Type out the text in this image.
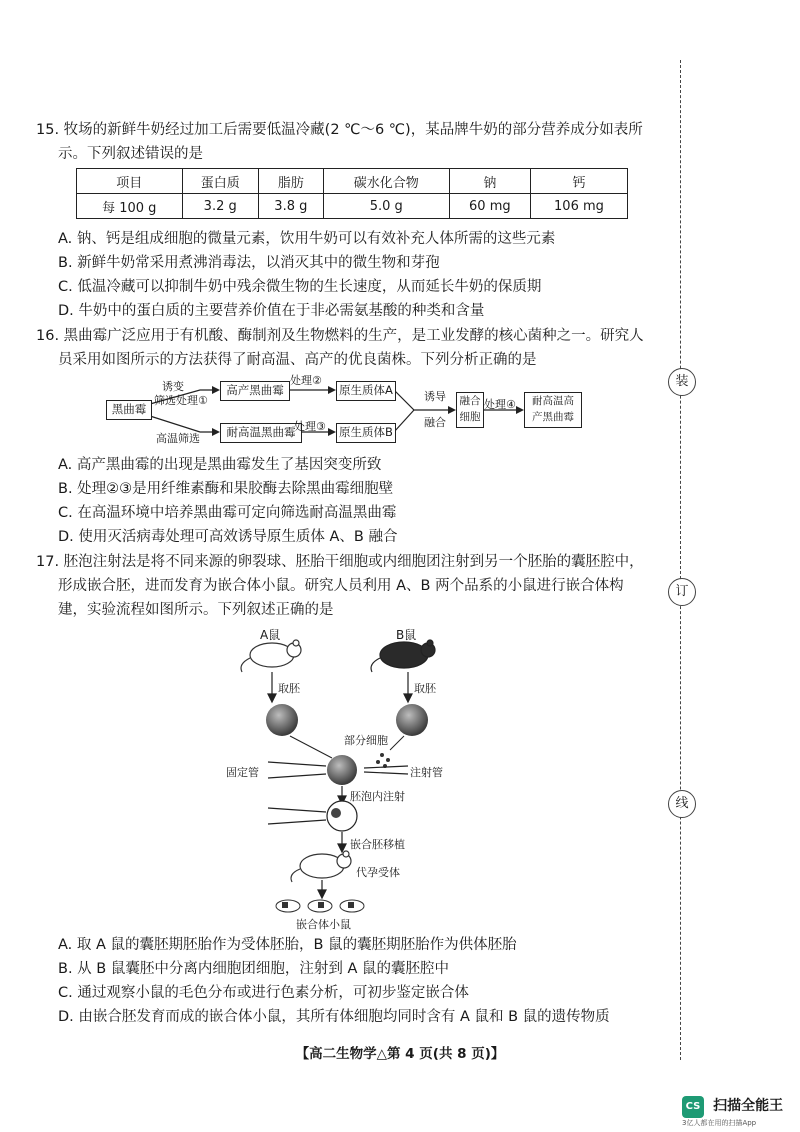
装
订
线
15. 牧场的新鲜牛奶经过加工后需要低温冷藏(2 ℃～6 ℃)，某品牌牛奶的部分营养成分如表所
示。下列叙述错误的是
项目	蛋白质	脂肪	碳水化合物	钠	钙
每 100 g	3.2 g	3.8 g	5.0 g	60 mg	106 mg
A. 钠、钙是组成细胞的微量元素，饮用牛奶可以有效补充人体所需的这些元素
B. 新鲜牛奶常采用煮沸消毒法，以消灭其中的微生物和芽孢
C. 低温冷藏可以抑制牛奶中残余微生物的生长速度，从而延长牛奶的保质期
D. 牛奶中的蛋白质的主要营养价值在于非必需氨基酸的种类和含量
16. 黑曲霉广泛应用于有机酸、酶制剂及生物燃料的生产，是工业发酵的核心菌种之一。研究人
员采用如图所示的方法获得了耐高温、高产的优良菌株。下列分析正确的是
黑曲霉
诱变
筛选处理①
高温筛选
高产黑曲霉
耐高温黑曲霉
处理②
处理③
原生质体A
原生质体B
诱导
融合
融合
细胞
处理④	耐高温高
产黑曲霉
A. 高产黑曲霉的出现是黑曲霉发生了基因突变所致
B. 处理②③是用纤维素酶和果胶酶去除黑曲霉细胞壁
C. 在高温环境中培养黑曲霉可定向筛选耐高温黑曲霉
D. 使用灭活病毒处理可高效诱导原生质体 A、B 融合
17. 胚泡注射法是将不同来源的卵裂球、胚胎干细胞或内细胞团注射到另一个胚胎的囊胚腔中，
形成嵌合胚，进而发育为嵌合体小鼠。研究人员利用 A、B 两个品系的小鼠进行嵌合体构
建，实验流程如图所示。下列叙述正确的是
A鼠	B鼠
取胚	取胚
部分细胞
固定管	注射管
胚泡内注射
嵌合胚移植
代孕受体
嵌合体小鼠
A. 取 A 鼠的囊胚期胚胎作为受体胚胎，B 鼠的囊胚期胚胎作为供体胚胎
B. 从 B 鼠囊胚中分离内细胞团细胞，注射到 A 鼠的囊胚腔中
C. 通过观察小鼠的毛色分布或进行色素分析，可初步鉴定嵌合体
D. 由嵌合胚发育而成的嵌合体小鼠，其所有体细胞均同时含有 A 鼠和 B 鼠的遗传物质
【高二生物学△第 4 页(共 8 页)】
CS 扫描全能王
3亿人都在用的扫描App
